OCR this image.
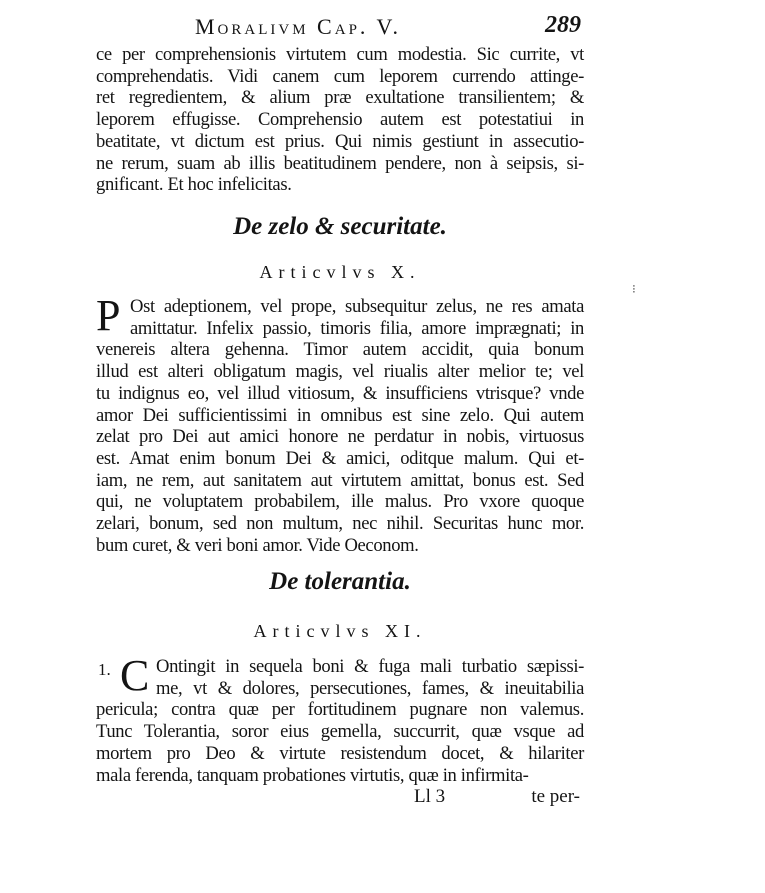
Moralivm Cap. V.	289
ce per comprehensionis virtutem cum modestia. Sic currite, vt
comprehendatis. Vidi canem cum leporem currendo attinge-
ret regredientem, & alium præ exultatione transilientem; &
leporem effugisse. Comprehensio autem est potestatiui in
beatitate, vt dictum est prius. Qui nimis gestiunt in assecutio-
ne rerum, suam ab illis beatitudinem pendere, non à seipsis, si-
gnificant. Et hoc infelicitas.
De zelo & securitate.
Articvlvs X.
P Ost adeptionem, vel prope, subsequitur zelus, ne res amata
amittatur. Infelix passio, timoris filia, amore imprægnati; in
venereis altera gehenna. Timor autem accidit, quia bonum
illud est alteri obligatum magis, vel riualis alter melior te; vel
tu indignus eo, vel illud vitiosum, & insufficiens vtrisque? vnde
amor Dei sufficientissimi in omnibus est sine zelo. Qui autem
zelat pro Dei aut amici honore ne perdatur in nobis, virtuosus
est. Amat enim bonum Dei & amici, oditque malum. Qui et-
iam, ne rem, aut sanitatem aut virtutem amittat, bonus est. Sed
qui, ne voluptatem probabilem, ille malus. Pro vxore quoque
zelari, bonum, sed non multum, nec nihil. Securitas hunc mor.
bum curet, & veri boni amor. Vide Oeconom.
De tolerantia.
Articvlvs XI.
1. C Ontingit in sequela boni & fuga mali turbatio sæpissi-
me, vt & dolores, persecutiones, fames, & ineuitabilia
pericula; contra quæ per fortitudinem pugnare non valemus.
Tunc Tolerantia, soror eius gemella, succurrit, quæ vsque ad
mortem pro Deo & virtute resistendum docet, & hilariter
mala ferenda, tanquam probationes virtutis, quæ in infirmita-
Ll 3	te per-
⁝
